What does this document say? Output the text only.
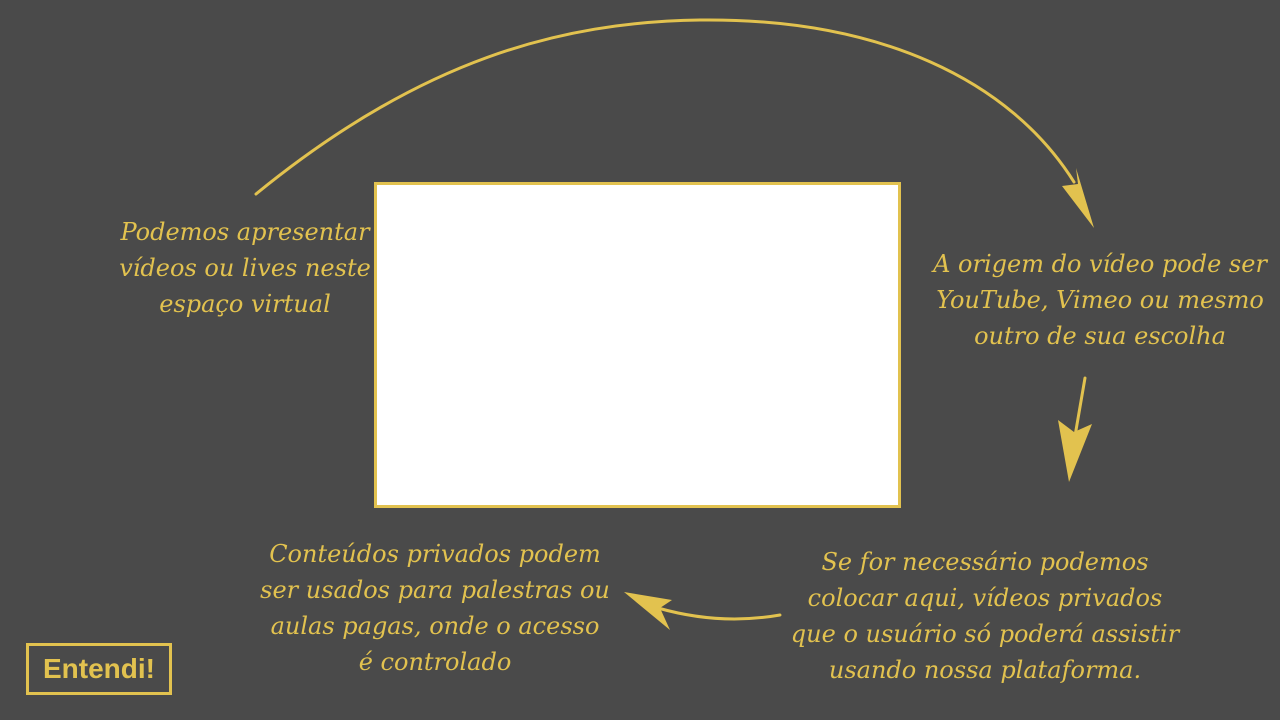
Podemos apresentar
vídeos ou lives neste
espaço virtual
A origem do vídeo pode ser
YouTube, Vimeo ou mesmo
outro de sua escolha
Se for necessário podemos
colocar aqui, vídeos privados
que o usuário só poderá assistir
usando nossa plataforma.
Conteúdos privados podem
ser usados para palestras ou
aulas pagas, onde o acesso
é controlado
Entendi!
